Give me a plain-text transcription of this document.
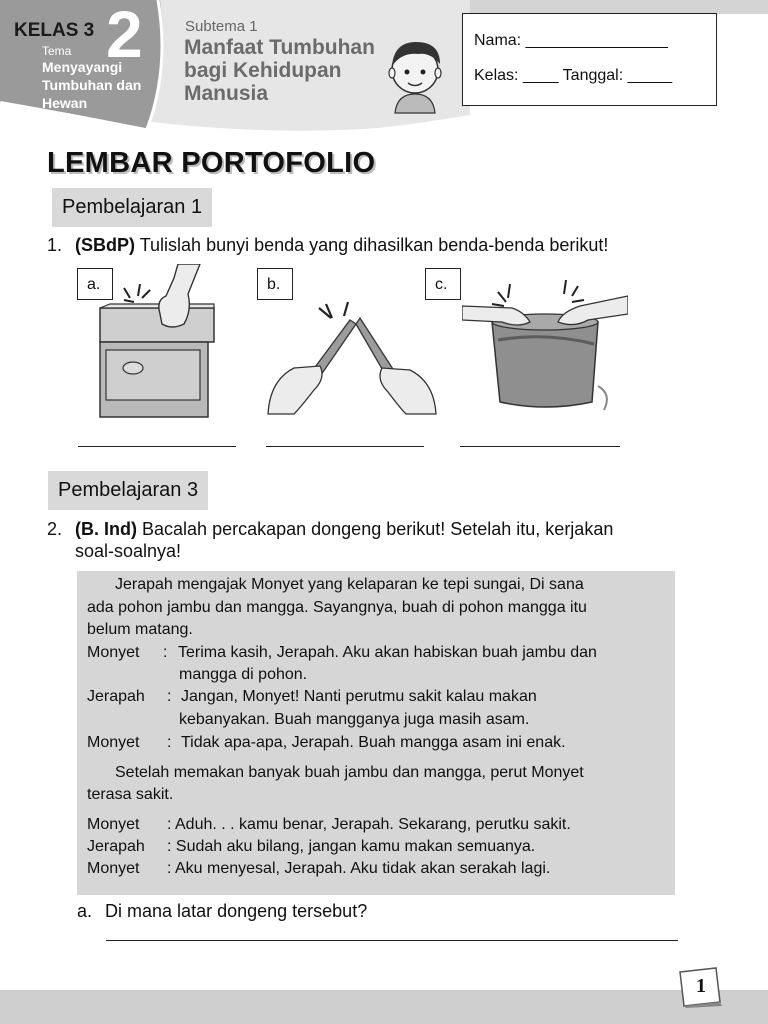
KELAS 3 2
Tema
Menyayangi Tumbuhan dan Hewan
Subtema 1
Manfaat Tumbuhan bagi Kehidupan Manusia
Nama: ________________
Kelas: ____ Tanggal: _____
LEMBAR PORTOFOLIO
Pembelajaran 1
1. (SBdP) Tulislah bunyi benda yang dihasilkan benda-benda berikut!
a.	b.	c.
Pembelajaran 3
2. (B. Ind) Bacalah percakapan dongeng berikut! Setelah itu, kerjakan
soal-soalnya!
Jerapah mengajak Monyet yang kelaparan ke tepi sungai, Di sana
ada pohon jambu dan mangga. Sayangnya, buah di pohon mangga itu
belum matang.
Monyet : Terima kasih, Jerapah. Aku akan habiskan buah jambu dan
mangga di pohon.
Jerapah : Jangan, Monyet! Nanti perutmu sakit kalau makan
kebanyakan. Buah mangganya juga masih asam.
Monyet : Tidak apa-apa, Jerapah. Buah mangga asam ini enak.
Setelah memakan banyak buah jambu dan mangga, perut Monyet
terasa sakit.
Monyet : Aduh. . . kamu benar, Jerapah. Sekarang, perutku sakit.
Jerapah : Sudah aku bilang, jangan kamu makan semuanya.
Monyet : Aku menyesal, Jerapah. Aku tidak akan serakah lagi.
a. Di mana latar dongeng tersebut?
1
